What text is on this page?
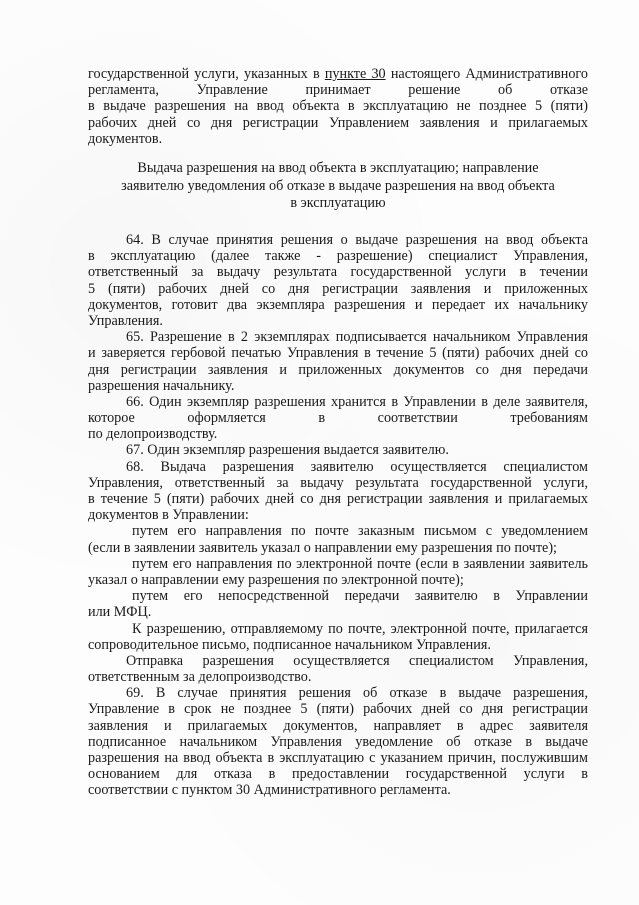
государственной услуги, указанных в пункте 30 настоящего Административного
регламента, Управление принимает решение об отказе
в выдаче разрешения на ввод объекта в эксплуатацию не позднее 5 (пяти)
рабочих дней со дня регистрации Управлением заявления и прилагаемых
документов.
Выдача разрешения на ввод объекта в эксплуатацию; направление
заявителю уведомления об отказе в выдаче разрешения на ввод объекта
в эксплуатацию
64. В случае принятия решения о выдаче разрешения на ввод объекта
в эксплуатацию (далее также - разрешение) специалист Управления,
ответственный за выдачу результата государственной услуги в течении
5 (пяти) рабочих дней со дня регистрации заявления и приложенных
документов, готовит два экземпляра разрешения и передает их начальнику
Управления.
65. Разрешение в 2 экземплярах подписывается начальником Управления
и заверяется гербовой печатью Управления в течение 5 (пяти) рабочих дней со
дня регистрации заявления и приложенных документов со дня передачи
разрешения начальнику.
66. Один экземпляр разрешения хранится в Управлении в деле заявителя,
которое оформляется в соответствии требованиям
по делопроизводству.
67. Один экземпляр разрешения выдается заявителю.
68. Выдача разрешения заявителю осуществляется специалистом
Управления, ответственный за выдачу результата государственной услуги,
в течение 5 (пяти) рабочих дней со дня регистрации заявления и прилагаемых
документов в Управлении:
путем его направления по почте заказным письмом с уведомлением
(если в заявлении заявитель указал о направлении ему разрешения по почте);
путем его направления по электронной почте (если в заявлении заявитель
указал о направлении ему разрешения по электронной почте);
путем его непосредственной передачи заявителю в Управлении
или МФЦ.
К разрешению, отправляемому по почте, электронной почте, прилагается
сопроводительное письмо, подписанное начальником Управления.
Отправка разрешения осуществляется специалистом Управления,
ответственным за делопроизводство.
69. В случае принятия решения об отказе в выдаче разрешения,
Управление в срок не позднее 5 (пяти) рабочих дней со дня регистрации
заявления и прилагаемых документов, направляет в адрес заявителя
подписанное начальником Управления уведомление об отказе в выдаче
разрешения на ввод объекта в эксплуатацию с указанием причин, послужившим
основанием для отказа в предоставлении государственной услуги в
соответствии с пунктом 30 Административного регламента.
